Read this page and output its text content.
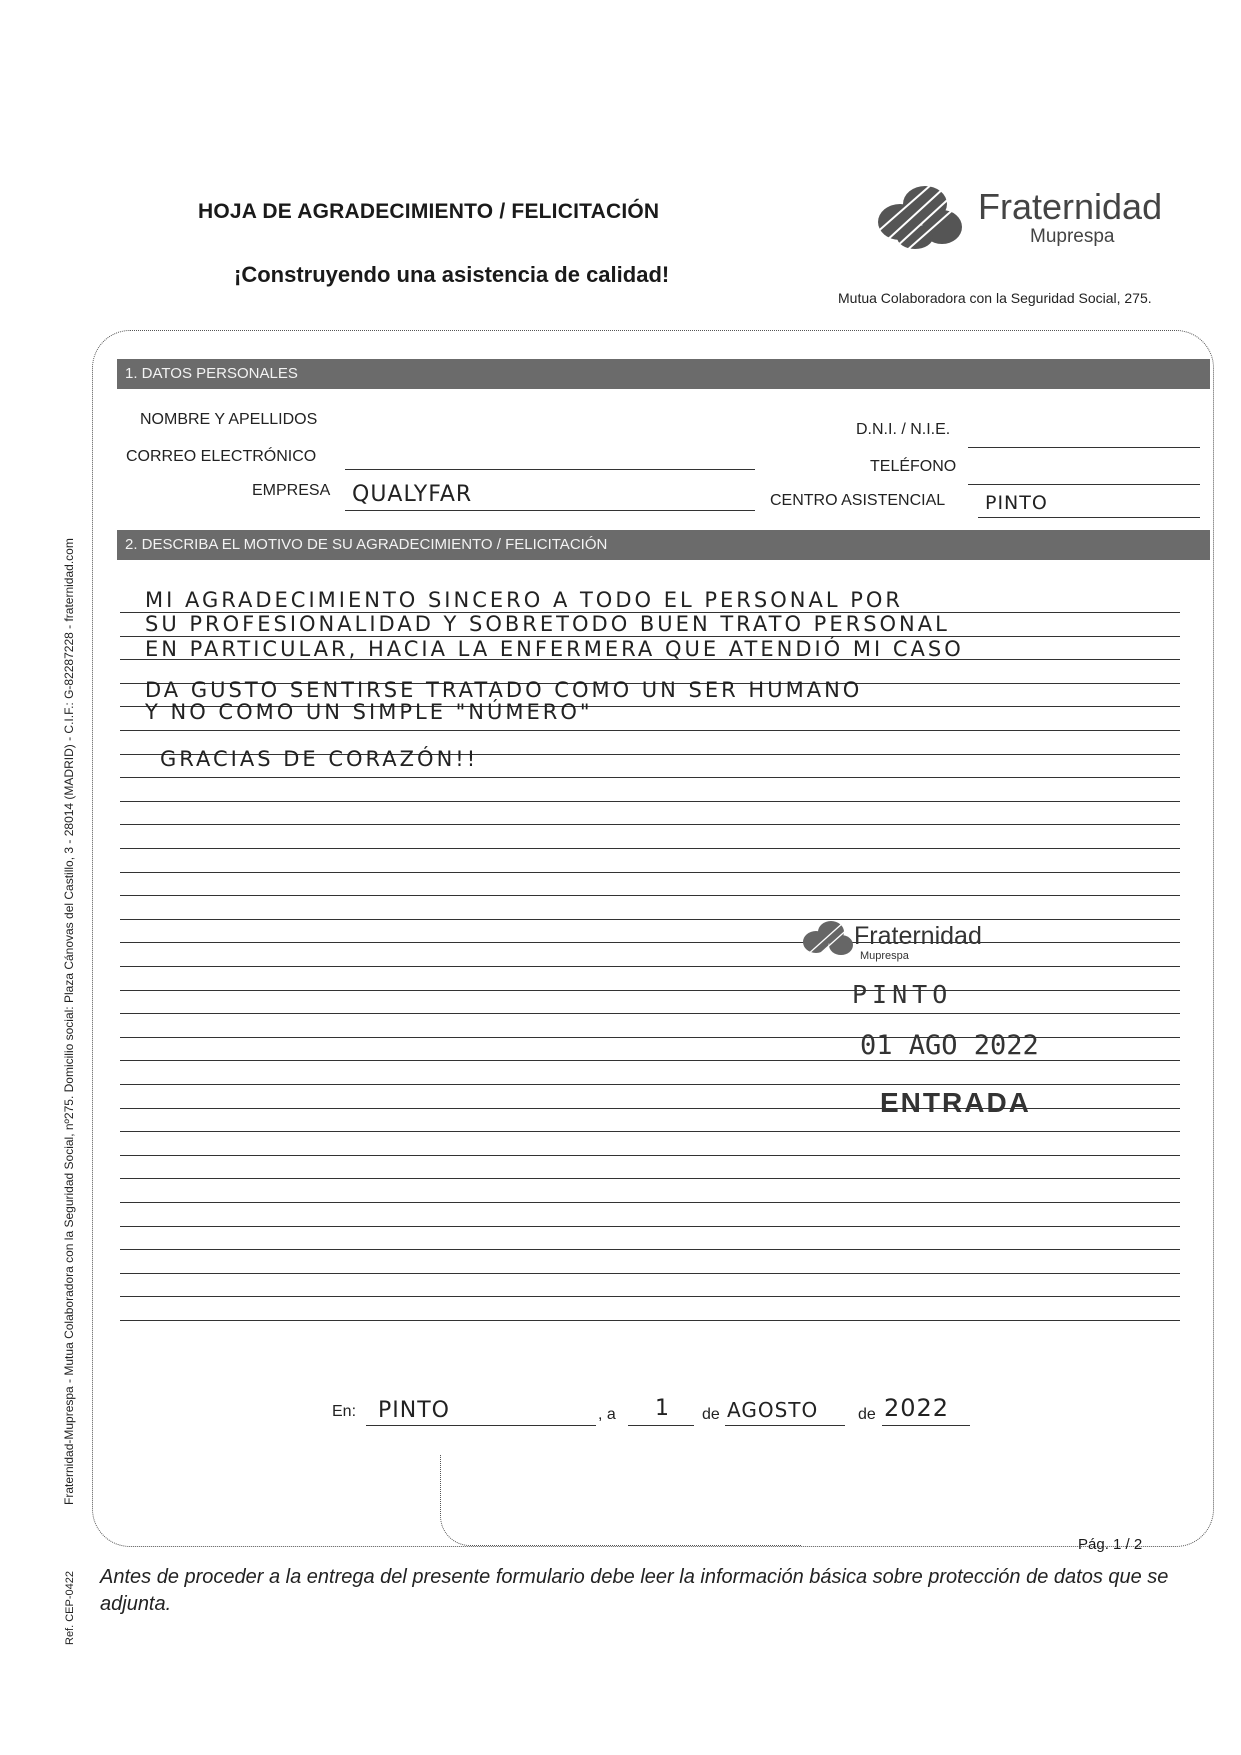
HOJA DE AGRADECIMIENTO / FELICITACIÓN
¡Construyendo una asistencia de calidad!
Fraternidad
Muprespa
Mutua Colaboradora con la Seguridad Social, 275.
1. DATOS PERSONALES
NOMBRE Y APELLIDOS
D.N.I. / N.I.E.
CORREO ELECTRÓNICO
TELÉFONO
EMPRESA QUALYFAR	CENTRO ASISTENCIAL PINTO
2. DESCRIBA EL MOTIVO DE SU AGRADECIMIENTO / FELICITACIÓN
MI AGRADECIMIENTO SINCERO A TODO EL PERSONAL POR
SU PROFESIONALIDAD Y SOBRETODO BUEN TRATO PERSONAL
EN PARTICULAR, HACIA LA ENFERMERA QUE ATENDIÓ MI CASO
DA GUSTO SENTIRSE TRATADO COMO UN SER HUMANO
Y NO COMO UN SIMPLE "NÚMERO"
GRACIAS DE CORAZÓN!!
Fraternidad
Muprespa
PINTO
01 AGO 2022
ENTRADA
En: PINTO	, a 1 de AGOSTO de 2022
Pág. 1 / 2
Antes de proceder a la entrega del presente formulario debe leer la información básica sobre protección de datos que se adjunta.
Fraternidad-Muprespa - Mutua Colaboradora con la Seguridad Social, nº275. Domicilio social: Plaza Cánovas del Castillo, 3 - 28014 (MADRID) - C.I.F.: G-82287228 - fraternidad.com
Ref. CEP-0422
